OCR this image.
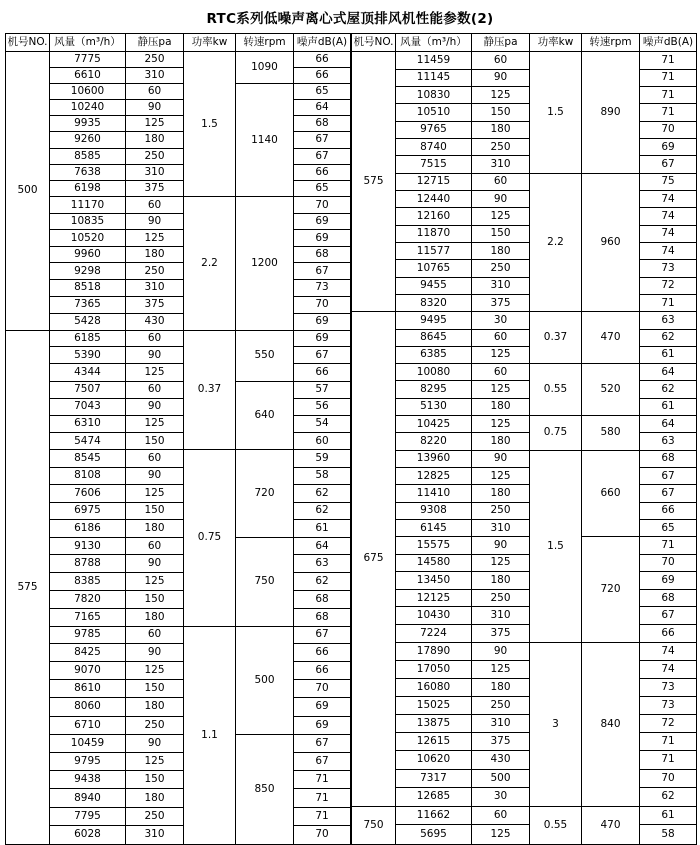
RTC系列低噪声离心式屋顶排风机性能参数(2)
机号NO.	风量（m³/h）	静压pa	功率kw	转速rpm	噪声dB(A)
500	7775	250	1.5	1090	66
	6610	310			66
	10600	60		1140	65
	10240	90			64
	9935	125			68
	9260	180			67
	8585	250			67
	7638	310			66
	6198	375			65
	11170	60	2.2	1200	70
	10835	90			69
	10520	125			69
	9960	180			68
	9298	250			67
	8518	310			73
	7365	375			70
	5428	430			69
575	6185	60	0.37	550	69
	5390	90			67
	4344	125			66
	7507	60		640	57
	7043	90			56
	6310	125			54
	5474	150			60
	8545	60	0.75	720	59
	8108	90			58
	7606	125			62
	6975	150			62
	6186	180			61
	9130	60		750	64
	8788	90			63
	8385	125			62
	7820	150			68
	7165	180			68
	9785	60	1.1	500	67
	8425	90			66
	9070	125			66
	8610	150			70
	8060	180			69
	6710	250			69
	10459	90		850	67
	9795	125			67
	9438	150			71
	8940	180			71
	7795	250			71
	6028	310			70
机号NO.	风量（m³/h）	静压pa	功率kw	转速rpm	噪声dB(A)
575	11459	60	1.5	890	71
	11145	90			71
	10830	125			71
	10510	150			71
	9765	180			70
	8740	250			69
	7515	310			67
	12715	60	2.2	960	75
	12440	90			74
	12160	125			74
	11870	150			74
	11577	180			74
	10765	250			73
	9455	310			72
	8320	375			71
675	9495	30	0.37	470	63
	8645	60			62
	6385	125			61
	10080	60	0.55	520	64
	8295	125			62
	5130	180			61
	10425	125	0.75	580	64
	8220	180			63
	13960	90	1.5	660	68
	12825	125			67
	11410	180			67
	9308	250			66
	6145	310			65
	15575	90		720	71
	14580	125			70
	13450	180			69
	12125	250			68
	10430	310			67
	7224	375			66
	17890	90	3	840	74
	17050	125			74
	16080	180			73
	15025	250			73
	13875	310			72
	12615	375			71
	10620	430			71
	7317	500			70
	12685	30			62
750	11662	60	0.55	470	61
	5695	125			58
